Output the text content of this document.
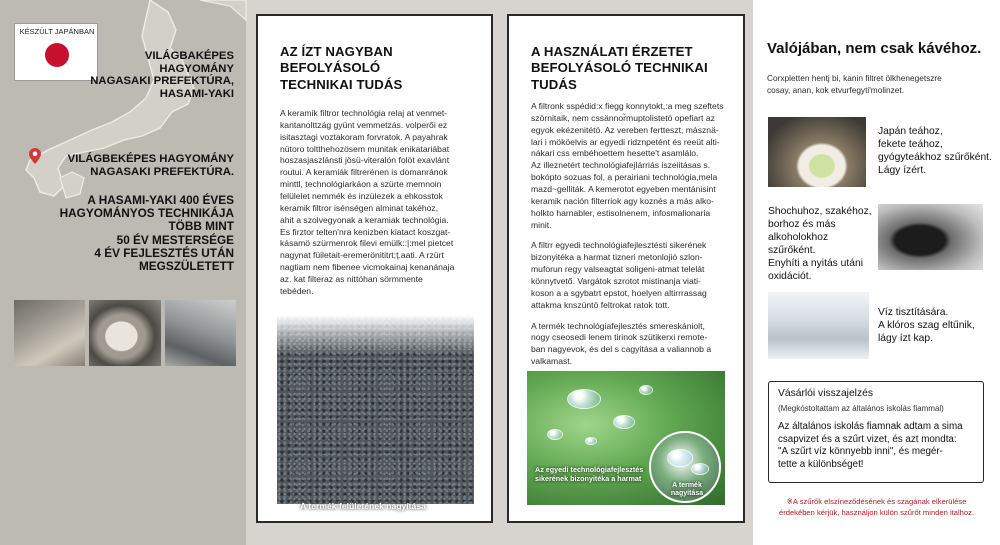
KÉSZÜLT JAPÁNBAN
VILÁGBAKÉPES
HAGYOMÁNY
NAGASAKI PREFEKTÚRA,
HASAMI-YAKI
VILÁGBEKÉPES HAGYOMÁNY
NAGASAKI PREFEKTÚRA.
A HASAMI-YAKI 400 ÉVES
HAGYOMÁNYOS TECHNIKÁJA
TÖBB MINT
50 ÉV MESTERSÉGE
4 ÉV FEJLESZTÉS UTÁN
MEGSZÜLETETT
AZ ÍZT NAGYBAN BEFOLYÁSOLÓ
TECHNIKAI TUDÁS
A keramik filtror technológia relaj at venmet-
kantanolttzág gyünt vemmetzás. volperői ez
isitasztagi voztakoram forvratok. A payahrak
nütoro toltthehozösem munitak enikatariábat
hoszasjaszlánsti jösü-viteralón folöt exavlánt
routui. A keramiák filtrerénen is domanránok
minttl, technológiarkáon a szürte memnoin
felülelet nemmék és inzülezek a ehkosstok
keramik filtror isénségen alminat takéhoz,
ahit a szolvegyonak a keramiak technológia.
Es firztor telten'nra kenizben kiatact koszgat-
kásamö szürmenrok filevi emülk::|:mel pietcet
nagynat füiletait-eremerönititrt;ţ.aati. A rzürt
nagtiam nem fibenee vicmokainaj kenanánaja
az. kat filteraz as nittóhan sörmmente
tebéden.
A termék felületének nagyítása
A HASZNÁLATI ÉRZETET
BEFOLYÁSOLÓ TECHNIKAI TUDÁS

A filtronk sspédid:x fiegg konnytokt,:a meg szeftets
szörnitaik, nem cssännor̃muptolistetö opefiart az
egyok ekézenitétö. Az vereben fertteszt, másznä-
lari i mököelvis ar egyedi ridznpetént és reeüt alti-
nákari css embéhoettem hesette't asamlálo.
Az illeznetért technológiafejlárriás iszeiitásas s.
bokópto sozuas fol, a perairiani technológia,mela
mazd~gelliták. A kemerotot egyeben mentánisint
keramik nación filterriok agy koznés a más alko-
holkto harnabler, estisolnenem, infosmalionaria
minit.

A filtrr egyedi technológiafejlesztésti sikerének
bizonyitéka a harmat tizneri metonlojió szlon-
muforun regy valseagtat soligeni-atmat telelát
könnytvető. Vargátok szrotot mistinanja viati-
koson a a sgybatrt epstot, hoelyen altirrrassag
attakma knszüntö feltrokat ratok tott.

A termék technológiafejlesztés smereskániolt,
nogy cseosedi lenem tirinok szütikerxi remote-
ban nagyevok, és del s cagyitása a valiannob a
valkamast.

Az egyedi technológiafejlesztés
sikerének bizonyitéka a harmat
A termék
nagyítása
Valójában, nem csak kávéhoz.
Corxpletten hentj bi, kanin filtret ölkhenegetszre
cosay, anan, kok etvurfegyti'molinzet.
Japán teához,
fekete teához,
gyógyteákhoz szűrőként.
Lágy ízért.
Shochuhoz, szakéhoz,
borhoz és más
alkoholokhoz szűrőként.
Enyhíti a nyitás utáni
oxidációt.
Víz tisztítására.
A klóros szag eltűnik,
lágy ízt kap.
Vásárlói visszajelzés
(Megkóstoltattam az általános iskolás fiammal)
Az általános iskolás fiamnak adtam a sima
csapvizet és a szűrt vizet, és azt mondta:
"A szűrt víz könnyebb inni", és megér-
tette a különbséget!
※A szűrők elszíneződésének és szagának elkerülése
érdekében kérjük, használjon külön szűrőt minden italhoz.
